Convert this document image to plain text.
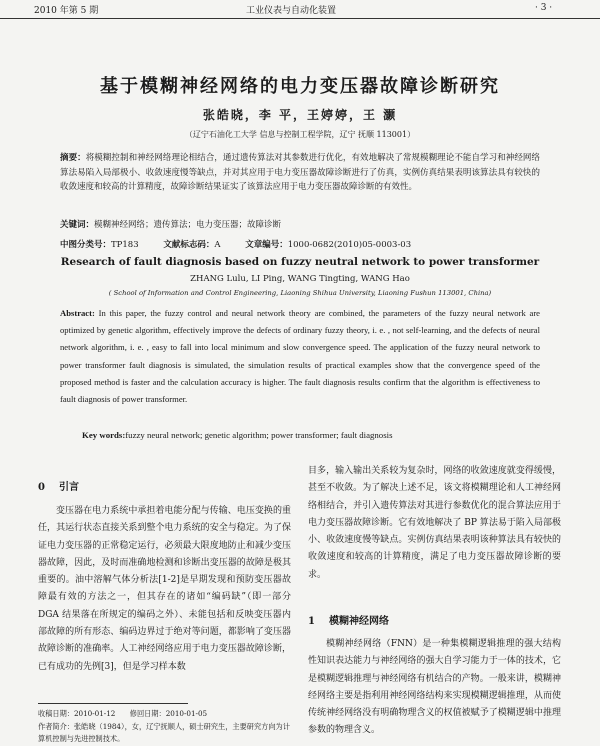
2010 年第 5 期	工业仪表与自动化装置	· 3 ·
基于模糊神经网络的电力变压器故障诊断研究
张皓晓，李 平，王婷婷，王 灏
（辽宁石油化工大学 信息与控制工程学院，辽宁 抚顺 113001）
摘要：将模糊控制和神经网络理论相结合，通过遗传算法对其参数进行优化，有效地解决了常规模糊理论不能自学习和神经网络算法易陷入局部极小、收敛速度慢等缺点，并对其应用于电力变压器故障诊断进行了仿真，实例仿真结果表明该算法具有较快的收敛速度和较高的计算精度，故障诊断结果证实了该算法应用于电力变压器故障诊断的有效性。
关键词：模糊神经网络；遗传算法；电力变压器；故障诊断
中图分类号：TP183	文献标志码：A	文章编号：1000-0682(2010)05-0003-03
Research of fault diagnosis based on fuzzy neutral network to power transformer
ZHANG Lulu, LI Ping, WANG Tingting, WANG Hao
( School of Information and Control Engineering, Liaoning Shihua University, Liaoning Fushun 113001, China)
Abstract: In this paper, the fuzzy control and neural network theory are combined, the parameters of the fuzzy neural network are optimized by genetic algorithm, effectively improve the defects of ordinary fuzzy theory, i. e. , not self-learning, and the defects of neural network algorithm, i. e. , easy to fall into local minimum and slow convergence speed. The application of the fuzzy neural network to power transformer fault diagnosis is simulated, the simulation results of practical examples show that the convergence speed of the proposed method is faster and the calculation accuracy is higher. The fault diagnosis results confirm that the algorithm is effectiveness to fault diagnosis of power transformer.
Key words:fuzzy neural network; genetic algorithm; power transformer; fault diagnosis
0 引言

变压器在电力系统中承担着电能分配与传输、电压变换的重任，其运行状态直接关系到整个电力系统的安全与稳定。为了保证电力变压器的正常稳定运行，必须最大限度地防止和减少变压器故障，因此，及时而准确地检测和诊断出变压器的故障是极其重要的。油中溶解气体分析法[1-2]是早期发现和预防变压器故障最有效的方法之一，但其存在的诸如“编码缺”（即一部分 DGA 结果落在所规定的编码之外）、未能包括和反映变压器内部故障的所有形态、编码边界过于绝对等问题，都影响了变压器故障诊断的准确率。人工神经网络应用于电力变压器故障诊断，已有成功的先例[3]，但是学习样本数

收稿日期：2010-01-12　　修回日期：2010-01-05
作者简介：张皓晓（1984），女，辽宁抚顺人，硕士研究生，主要研究方向为计算机控制与先进控制技术。

目多，输入输出关系较为复杂时，网络的收敛速度就变得缓慢，甚至不收敛。为了解决上述不足，该文将模糊理论和人工神经网络相结合，并引入遗传算法对其进行参数优化的混合算法应用于电力变压器故障诊断。它有效地解决了 BP 算法易于陷入局部极小、收敛速度慢等缺点。实例仿真结果表明该种算法具有较快的收敛速度和较高的计算精度，满足了电力变压器故障诊断的要求。

1 模糊神经网络

模糊神经网络（FNN）是一种集模糊逻辑推理的强大结构性知识表达能力与神经网络的强大自学习能力于一体的技术，它是模糊逻辑推理与神经网络有机结合的产物。一般来讲，模糊神经网络主要是指利用神经网络结构来实现模糊逻辑推理，从而使传统神经网络没有明确物理含义的权值被赋予了模糊逻辑中推理参数的物理含义。
